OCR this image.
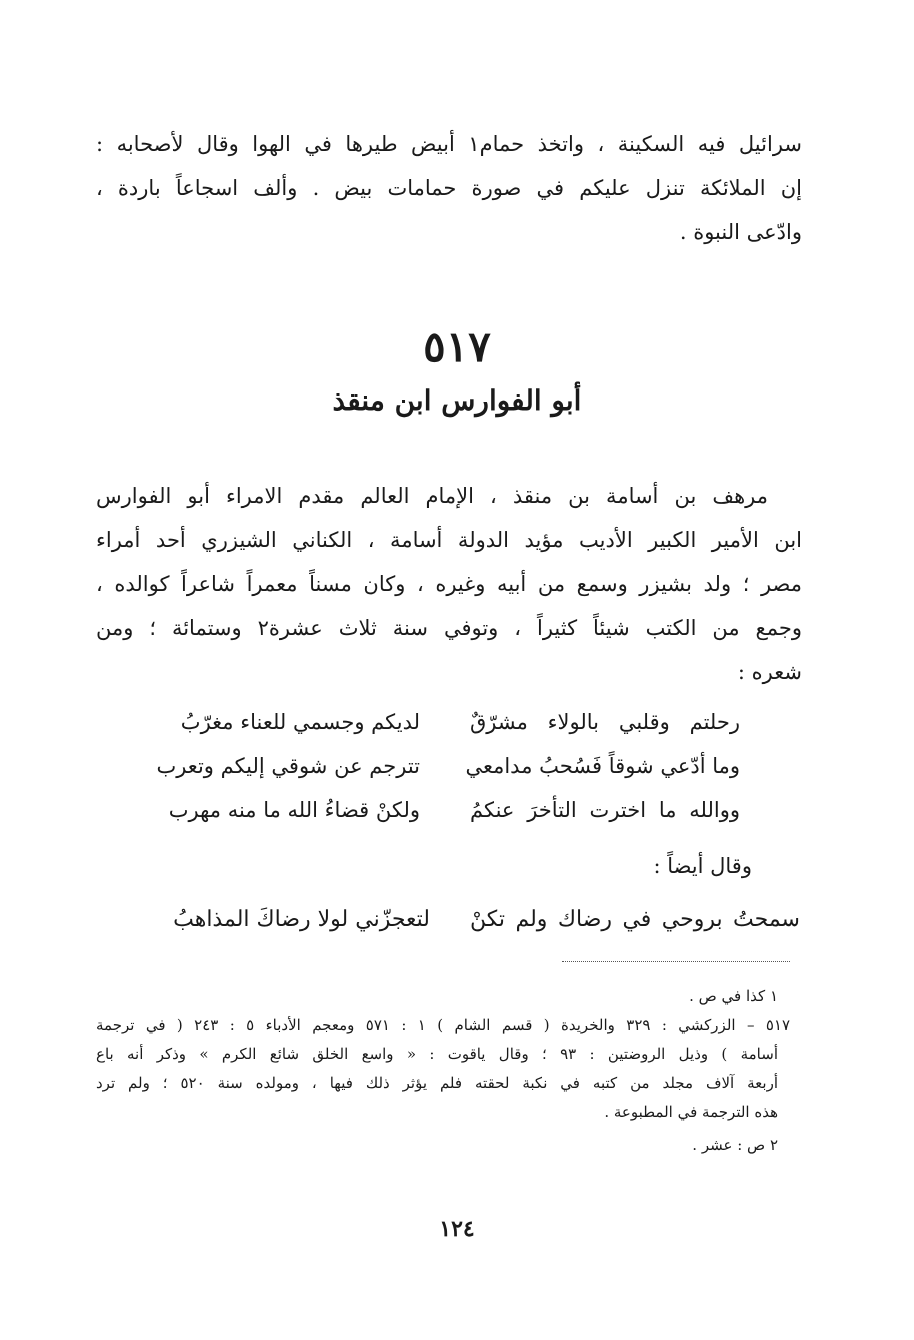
سرائيل فيه السكينة ، واتخذ حمام١ أبيض طيرها في الهوا وقال لأصحابه :
إن الملائكة تنزل عليكم في صورة حمامات بيض . وألف اسجاعاً باردة ،
وادّعى النبوة .
٥١٧
أبو الفوارس ابن منقذ
مرهف بن أسامة بن منقذ ، الإمام العالم مقدم الامراء أبو الفوارس
ابن الأمير الكبير الأديب مؤيد الدولة أسامة ، الكناني الشيزري أحد أمراء
مصر ؛ ولد بشيزر وسمع من أبيه وغيره ، وكان مسناً معمراً شاعراً كوالده ،
وجمع من الكتب شيئاً كثيراً ، وتوفي سنة ثلاث عشرة٢ وستمائة ؛ ومن
شعره :
رحلتم وقلبي بالولاء مشرّقٌ
لديكم وجسمي للعناء مغرّبُ
وما أدّعي شوقاً فَسُحبُ مدامعي
تترجم عن شوقي إليكم وتعرب
ووالله ما اخترت التأخرَ عنكمُ
ولكنْ قضاءُ الله ما منه مهرب

وقال أيضاً :

سمحتُ بروحي في رضاك ولم تكنْ
لتعجزّني لولا رضاكَ المذاهبُ
١ كذا في ص .
٥١٧ – الزركشي : ٣٢٩ والخريدة ( قسم الشام ) ١ : ٥٧١ ومعجم الأدباء ٥ : ٢٤٣ ( في ترجمة
أسامة ) وذيل الروضتين : ٩٣ ؛ وقال ياقوت : « واسع الخلق شائع الكرم » وذكر أنه باع
أربعة آلاف مجلد من كتبه في نكبة لحقته فلم يؤثر ذلك فيها ، ومولده سنة ٥٢٠ ؛ ولم ترد
هذه الترجمة في المطبوعة .
٢ ص : عشر .

١٢٤
